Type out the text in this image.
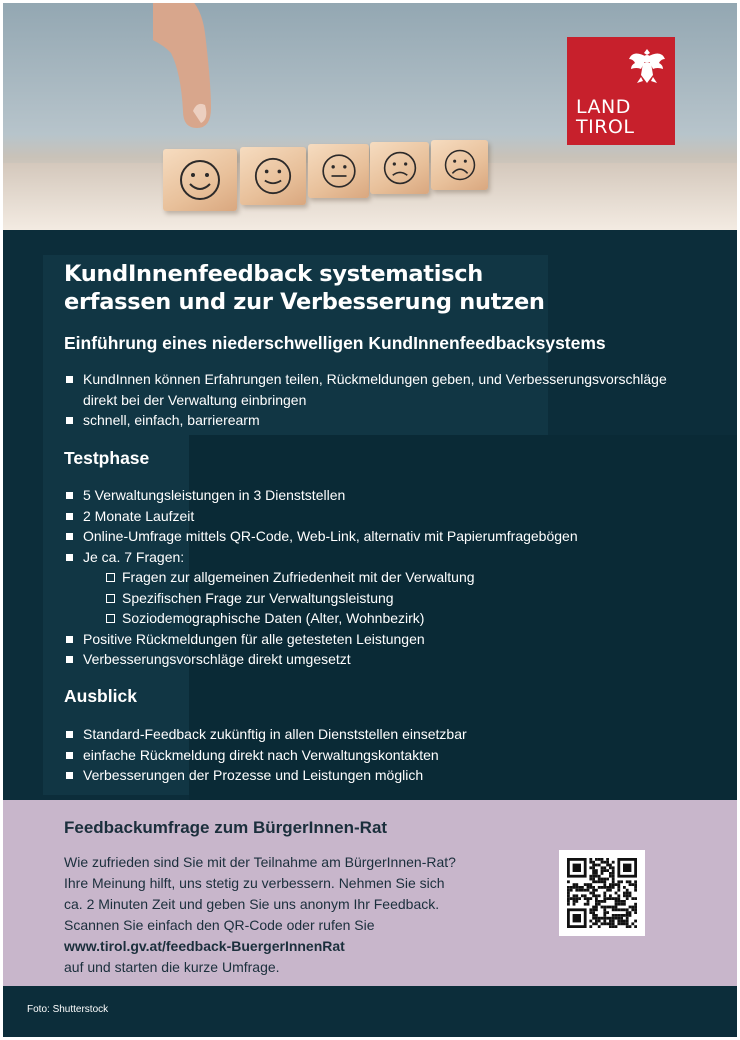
LAND
TIROL
KundInnenfeedback systematisch
erfassen und zur Verbesserung nutzen
Einführung eines niederschwelligen KundInnenfeedbacksystems
KundInnen können Erfahrungen teilen, Rückmeldungen geben, und Verbesserungsvorschläge
direkt bei der Verwaltung einbringen
schnell, einfach, barrierearm
Testphase
5 Verwaltungsleistungen in 3 Dienststellen
2 Monate Laufzeit
Online-Umfrage mittels QR-Code, Web-Link, alternativ mit Papierumfragebögen
Je ca. 7 Fragen:
Fragen zur allgemeinen Zufriedenheit mit der Verwaltung
Spezifischen Frage zur Verwaltungsleistung
Soziodemographische Daten (Alter, Wohnbezirk)
Positive Rückmeldungen für alle getesteten Leistungen
Verbesserungsvorschläge direkt umgesetzt
Ausblick
Standard-Feedback zukünftig in allen Dienststellen einsetzbar
einfache Rückmeldung direkt nach Verwaltungskontakten
Verbesserungen der Prozesse und Leistungen möglich
Feedbackumfrage zum BürgerInnen-Rat
Wie zufrieden sind Sie mit der Teilnahme am BürgerInnen-Rat?
Ihre Meinung hilft, uns stetig zu verbessern. Nehmen Sie sich
ca. 2 Minuten Zeit und geben Sie uns anonym Ihr Feedback.
Scannen Sie einfach den QR-Code oder rufen Sie
www.tirol.gv.at/feedback-BuergerInnenRat
auf und starten die kurze Umfrage.
Foto: Shutterstock
